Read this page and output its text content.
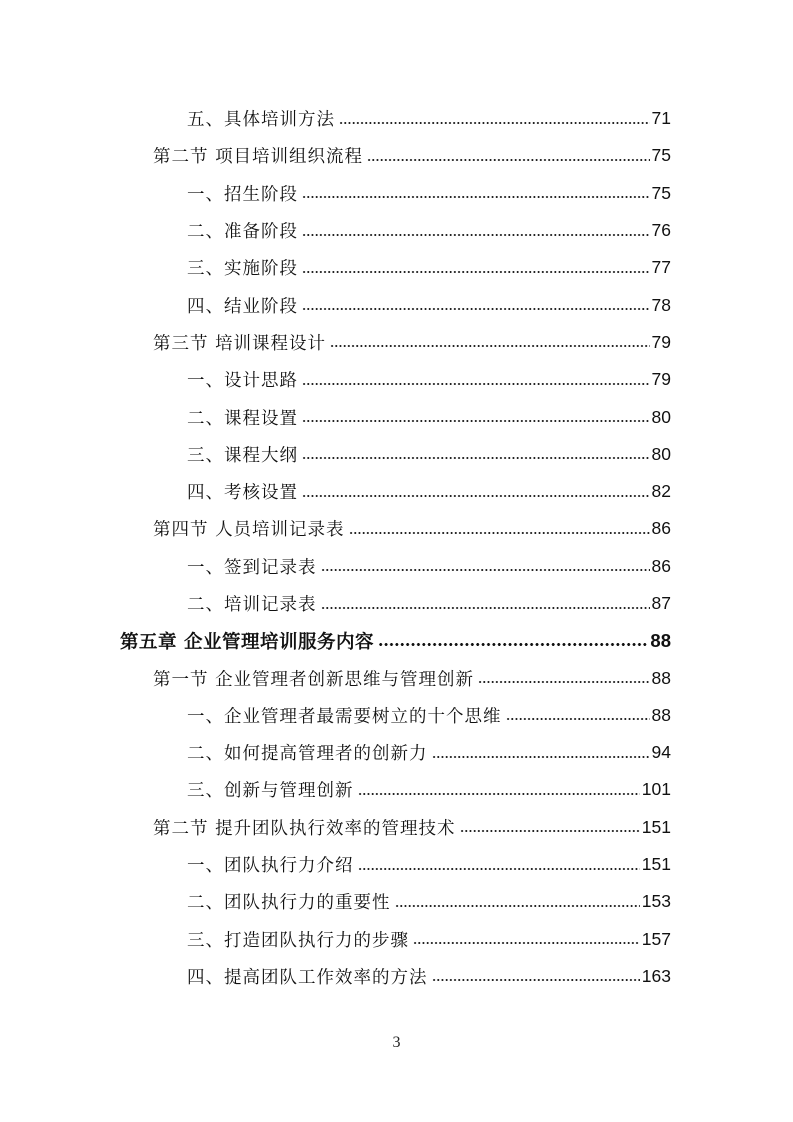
五、具体培训方法	71
第二节 项目培训组织流程	75
一、招生阶段	75
二、准备阶段	76
三、实施阶段	77
四、结业阶段	78
第三节 培训课程设计	79
一、设计思路	79
二、课程设置	80
三、课程大纲	80
四、考核设置	82
第四节 人员培训记录表	86
一、签到记录表	86
二、培训记录表	87
第五章 企业管理培训服务内容	88
第一节 企业管理者创新思维与管理创新	88
一、企业管理者最需要树立的十个思维	88
二、如何提高管理者的创新力	94
三、创新与管理创新	101
第二节 提升团队执行效率的管理技术	151
一、团队执行力介绍	151
二、团队执行力的重要性	153
三、打造团队执行力的步骤	157
四、提高团队工作效率的方法	163
3
